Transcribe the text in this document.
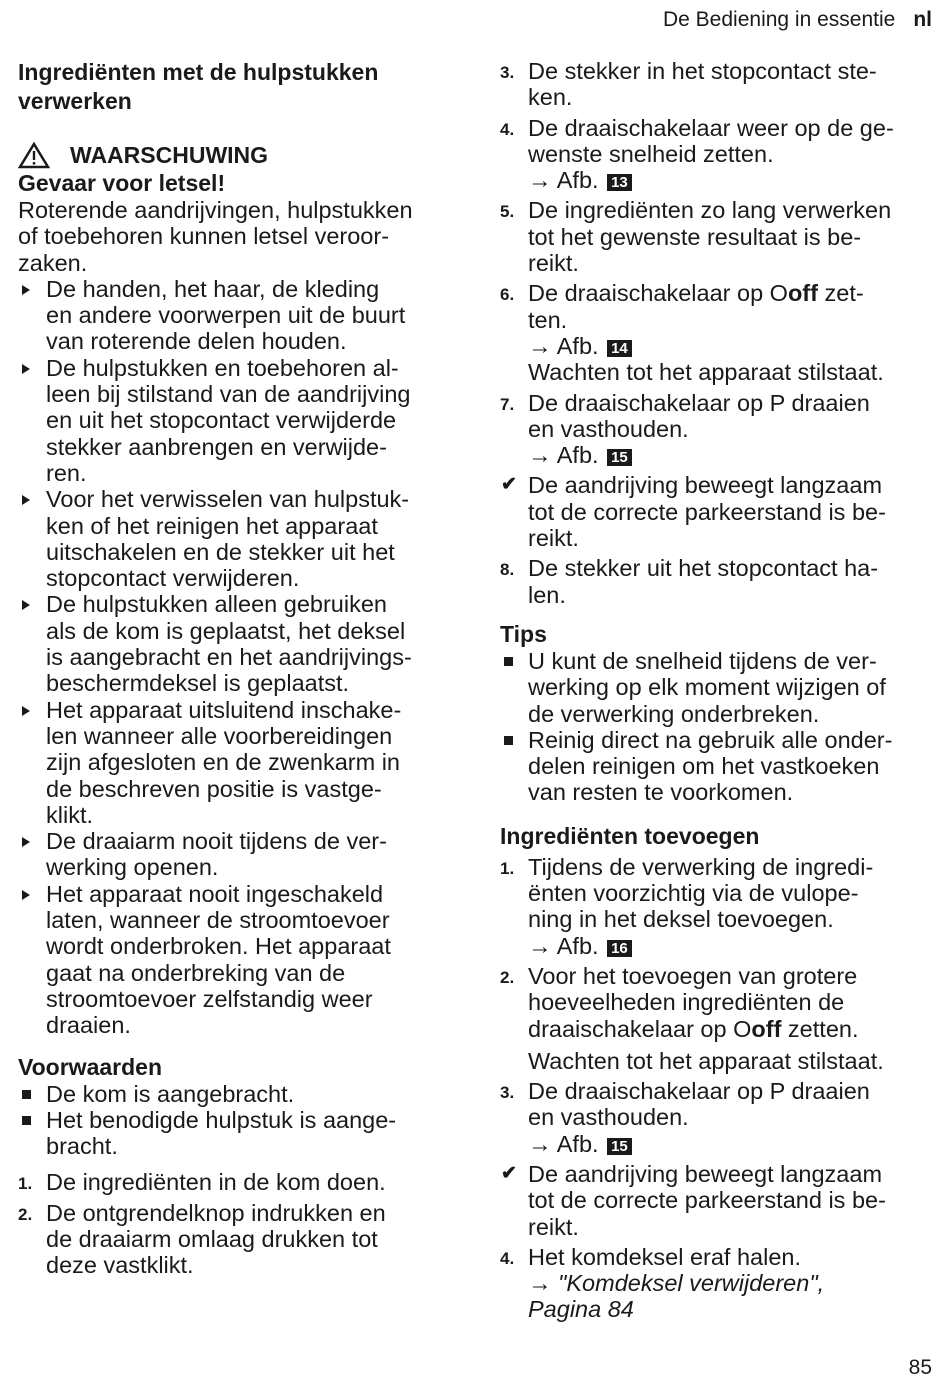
De Bediening in essentie nl
Ingrediënten met de hulpstukken
verwerken
WAARSCHUWING
Gevaar voor letsel!
Roterende aandrijvingen, hulpstukken
of toebehoren kunnen letsel veroor-
zaken.
De handen, het haar, de kleding
en andere voorwerpen uit de buurt
van roterende delen houden.
De hulpstukken en toebehoren al-
leen bij stilstand van de aandrijving
en uit het stopcontact verwijderde
stekker aanbrengen en verwijde-
ren.
Voor het verwisselen van hulpstuk-
ken of het reinigen het apparaat
uitschakelen en de stekker uit het
stopcontact verwijderen.
De hulpstukken alleen gebruiken
als de kom is geplaatst, het deksel
is aangebracht en het aandrijvings-
beschermdeksel is geplaatst.
Het apparaat uitsluitend inschake-
len wanneer alle voorbereidingen
zijn afgesloten en de zwenkarm in
de beschreven positie is vastge-
klikt.
De draaiarm nooit tijdens de ver-
werking openen.
Het apparaat nooit ingeschakeld
laten, wanneer de stroomtoevoer
wordt onderbroken. Het apparaat
gaat na onderbreking van de
stroomtoevoer zelfstandig weer
draaien.
Voorwaarden
De kom is aangebracht.
Het benodigde hulpstuk is aange-
bracht.
1. De ingrediënten in de kom doen.
2. De ontgrendelknop indrukken en
de draaiarm omlaag drukken tot
deze vastklikt.
3. De stekker in het stopcontact ste-
ken.
4. De draaischakelaar weer op de ge-
wenste snelheid zetten.
→ Afb. 13
5. De ingrediënten zo lang verwerken
tot het gewenste resultaat is be-
reikt.
6. De draaischakelaar op Ooff zet-
ten.
→ Afb. 14
Wachten tot het apparaat stilstaat.
7. De draaischakelaar op P draaien
en vasthouden.
→ Afb. 15
✔ De aandrijving beweegt langzaam
tot de correcte parkeerstand is be-
reikt.
8. De stekker uit het stopcontact ha-
len.
Tips
U kunt de snelheid tijdens de ver-
werking op elk moment wijzigen of
de verwerking onderbreken.
Reinig direct na gebruik alle onder-
delen reinigen om het vastkoeken
van resten te voorkomen.
Ingrediënten toevoegen
1. Tijdens de verwerking de ingredi-
ënten voorzichtig via de vulope-
ning in het deksel toevoegen.
→ Afb. 16
2. Voor het toevoegen van grotere
hoeveelheden ingrediënten de
draaischakelaar op Ooff zetten.
Wachten tot het apparaat stilstaat.
3. De draaischakelaar op P draaien
en vasthouden.
→ Afb. 15
✔ De aandrijving beweegt langzaam
tot de correcte parkeerstand is be-
reikt.
4. Het komdeksel eraf halen.
→ "Komdeksel verwijderen",
Pagina 84
85
